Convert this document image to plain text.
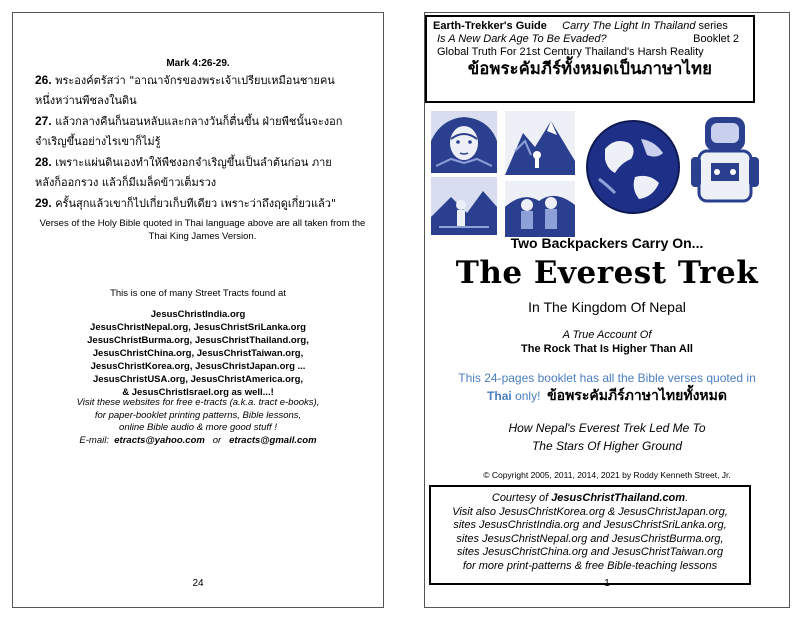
Mark 4:26-29.
26. พระองค์ตรัสว่า "อาณาจักรของพระเจ้าเปรียบเหมือนชายคน
หนึ่งหว่านพืชลงในดิน
27. แล้วกลางคืนก็นอนหลับและกลางวันก็ตื่นขึ้น ฝ่ายพืชนั้นจะงอก
จำเริญขึ้นอย่างไรเขาก็ไม่รู้
28. เพราะแผ่นดินเองทำให้พืชงอกจำเริญขึ้นเป็นลำต้นก่อน ภาย
หลังก็ออกรวง แล้วก็มีเมล็ดข้าวเต็มรวง
29. ครั้นสุกแล้วเขาก็ไปเกี่ยวเก็บทีเดียว เพราะว่าถึงฤดูเกี่ยวแล้ว"
Verses of the Holy Bible quoted in Thai language above are all taken from the Thai King James Version.
This is one of many Street Tracts found at
JesusChristIndia.org
JesusChristNepal.org, JesusChristSriLanka.org
JesusChristBurma.org, JesusChristThailand.org,
JesusChristChina.org, JesusChristTaiwan.org,
JesusChristKorea.org, JesusChristJapan.org ...
JesusChristUSA.org, JesusChristAmerica.org,
& JesusChristIsrael.org as well...!
Visit these websites for free e-tracts (a.k.a. tract e-books),
for paper-booklet printing patterns, Bible lessons,
online Bible audio & more good stuff !
E-mail: etracts@yahoo.com or etracts@gmail.com
24
Earth-Trekker's Guide Carry The Light In Thailand series
Is A New Dark Age To Be Evaded?	Booklet 2
Global Truth For 21st Century Thailand's Harsh Reality
ข้อพระคัมภีร์ทั้งหมดเป็นภาษาไทย
Two Backpackers Carry On...
The Everest Trek
In The Kingdom Of Nepal
A True Account Of
The Rock That Is Higher Than All
This 24-pages booklet has all the Bible verses quoted in
Thai only! ข้อพระคัมภีร์ภาษาไทยทั้งหมด
How Nepal's Everest Trek Led Me To
The Stars Of Higher Ground
© Copyright 2005, 2011, 2014, 2021 by Roddy Kenneth Street, Jr.
Courtesy of JesusChristThailand.com.
Visit also JesusChristKorea.org & JesusChristJapan.org,
sites JesusChristIndia.org and JesusChristSriLanka.org,
sites JesusChristNepal.org and JesusChristBurma.org,
sites JesusChristChina.org and JesusChristTaiwan.org
for more print-patterns & free Bible-teaching lessons
1
